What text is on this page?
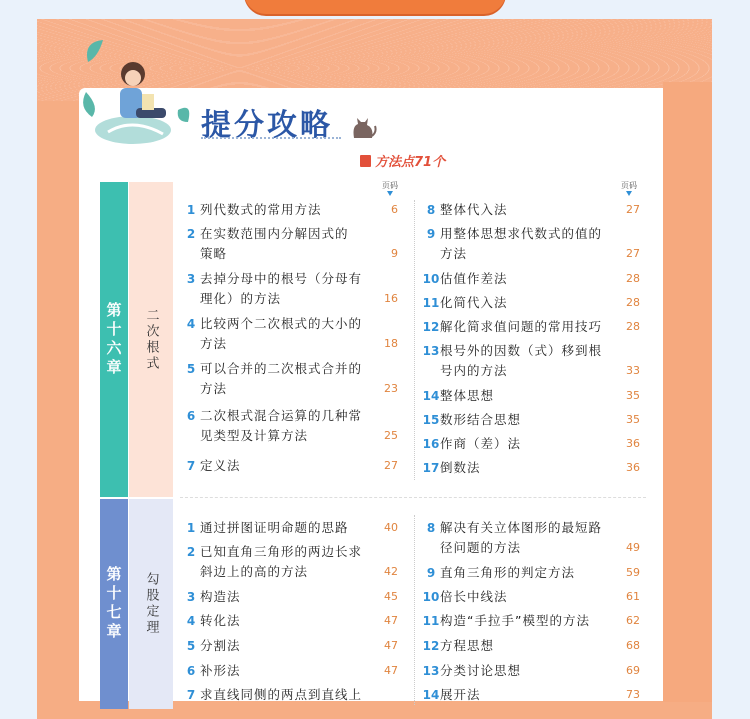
提分攻略
方法点71个
第十六章	二次根式
第十七章	勾股定理
页码	页码
1 列代数式的常用方法	6
2 在实数范围内分解因式的
策略	9
3 去掉分母中的根号（分母有
理化）的方法	16
4 比较两个二次根式的大小的
方法	18
5 可以合并的二次根式合并的
方法	23
6 二次根式混合运算的几种常
见类型及计算方法	25
7 定义法	27
8 整体代入法	27
9 用整体思想求代数式的值的
方法	27
10 估值作差法	28
11 化简代入法	28
12 解化简求值问题的常用技巧	28
13 根号外的因数（式）移到根
号内的方法	33
14 整体思想	35
15 数形结合思想	35
16 作商（差）法	36
17 倒数法	36
1 通过拼图证明命题的思路	40
2 已知直角三角形的两边长求
斜边上的高的方法	42
3 构造法	45
4 转化法	47
5 分割法	47
6 补形法	47
7 求直线同侧的两点到直线上
8 解决有关立体图形的最短路
径问题的方法	49
9 直角三角形的判定方法	59
10 倍长中线法	61
11 构造“手拉手”模型的方法	62
12 方程思想	68
13 分类讨论思想	69
14 展开法	73
